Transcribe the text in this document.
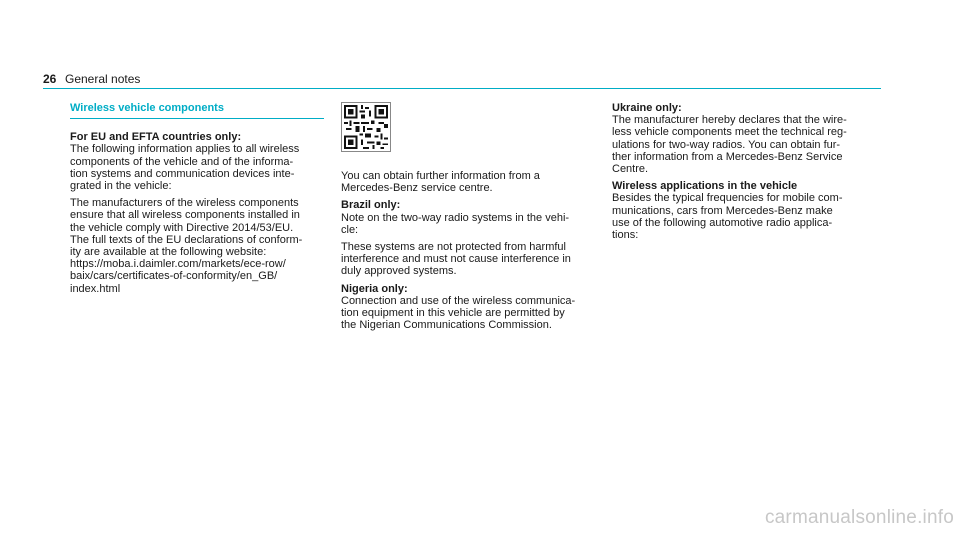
26 General notes

Wireless vehicle components

For EU and EFTA countries only:

The following information applies to all wireless
components of the vehicle and of the informa-
tion systems and communication devices inte-
grated in the vehicle:

The manufacturers of the wireless components
ensure that all wireless components installed in
the vehicle comply with Directive 2014/53/EU.
The full texts of the EU declarations of conform-
ity are available at the following website:
https://moba.i.daimler.com/markets/ece-row/
baix/cars/certificates-of-conformity/en_GB/
index.html

You can obtain further information from a
Mercedes-Benz service centre.

Brazil only:

Note on the two-way radio systems in the vehi-
cle:

These systems are not protected from harmful
interference and must not cause interference in
duly approved systems.

Nigeria only:

Connection and use of the wireless communica-
tion equipment in this vehicle are permitted by
the Nigerian Communications Commission.

Ukraine only:

The manufacturer hereby declares that the wire-
less vehicle components meet the technical reg-
ulations for two-way radios. You can obtain fur-
ther information from a Mercedes-Benz Service
Centre.

Wireless applications in the vehicle

Besides the typical frequencies for mobile com-
munications, cars from Mercedes-Benz make
use of the following automotive radio applica-
tions:

carmanualsonline.info
